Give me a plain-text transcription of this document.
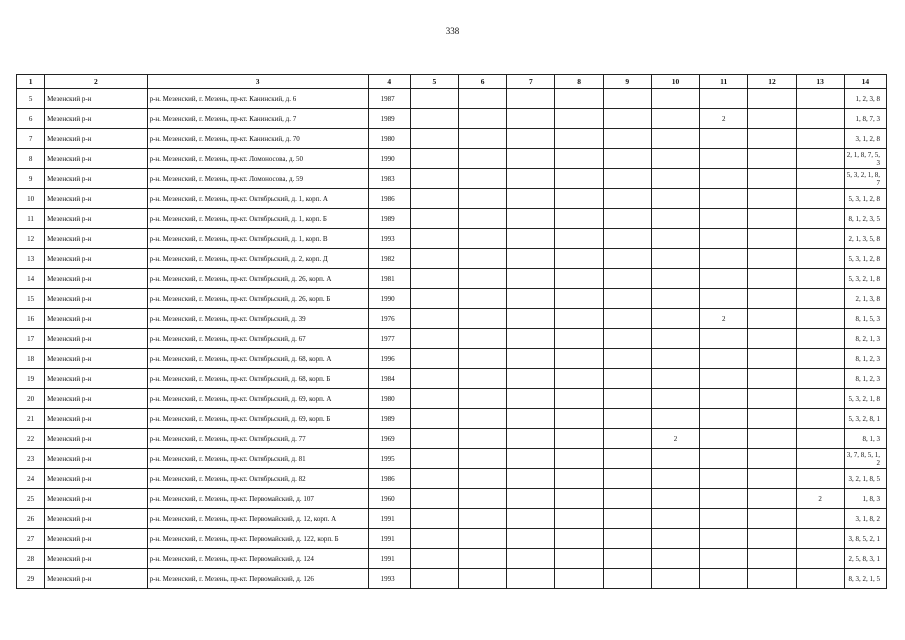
338
1	2	3	4	5	6	7	8	9	10	11	12	13	14
5	Мезенский р-н	р-н. Мезенский, г. Мезень, пр-кт. Канинский, д. 6	1987										1, 2, 3, 8
6	Мезенский р-н	р-н. Мезенский, г. Мезень, пр-кт. Канинский, д. 7	1989							2			1, 8, 7, 3
7	Мезенский р-н	р-н. Мезенский, г. Мезень, пр-кт. Канинский, д. 70	1980										3, 1, 2, 8
8	Мезенский р-н	р-н. Мезенский, г. Мезень, пр-кт. Ломоносова, д. 50	1990										2, 1, 8, 7, 5, 3
9	Мезенский р-н	р-н. Мезенский, г. Мезень, пр-кт. Ломоносова, д. 59	1983										5, 3, 2, 1, 8, 7
10	Мезенский р-н	р-н. Мезенский, г. Мезень, пр-кт. Октябрьский, д. 1, корп. А	1986										5, 3, 1, 2, 8
11	Мезенский р-н	р-н. Мезенский, г. Мезень, пр-кт. Октябрьский, д. 1, корп. Б	1989										8, 1, 2, 3, 5
12	Мезенский р-н	р-н. Мезенский, г. Мезень, пр-кт. Октябрьский, д. 1, корп. В	1993										2, 1, 3, 5, 8
13	Мезенский р-н	р-н. Мезенский, г. Мезень, пр-кт. Октябрьский, д. 2, корп. Д	1982										5, 3, 1, 2, 8
14	Мезенский р-н	р-н. Мезенский, г. Мезень, пр-кт. Октябрьский, д. 26, корп. А	1981										5, 3, 2, 1, 8
15	Мезенский р-н	р-н. Мезенский, г. Мезень, пр-кт. Октябрьский, д. 26, корп. Б	1990										2, 1, 3, 8
16	Мезенский р-н	р-н. Мезенский, г. Мезень, пр-кт. Октябрьский, д. 39	1976							2			8, 1, 5, 3
17	Мезенский р-н	р-н. Мезенский, г. Мезень, пр-кт. Октябрьский, д. 67	1977										8, 2, 1, 3
18	Мезенский р-н	р-н. Мезенский, г. Мезень, пр-кт. Октябрьский, д. 68, корп. А	1996										8, 1, 2, 3
19	Мезенский р-н	р-н. Мезенский, г. Мезень, пр-кт. Октябрьский, д. 68, корп. Б	1984										8, 1, 2, 3
20	Мезенский р-н	р-н. Мезенский, г. Мезень, пр-кт. Октябрьский, д. 69, корп. А	1980										5, 3, 2, 1, 8
21	Мезенский р-н	р-н. Мезенский, г. Мезень, пр-кт. Октябрьский, д. 69, корп. Б	1989										5, 3, 2, 8, 1
22	Мезенский р-н	р-н. Мезенский, г. Мезень, пр-кт. Октябрьский, д. 77	1969						2				8, 1, 3
23	Мезенский р-н	р-н. Мезенский, г. Мезень, пр-кт. Октябрьский, д. 81	1995										3, 7, 8, 5, 1, 2
24	Мезенский р-н	р-н. Мезенский, г. Мезень, пр-кт. Октябрьский, д. 82	1986										3, 2, 1, 8, 5
25	Мезенский р-н	р-н. Мезенский, г. Мезень, пр-кт. Первомайский, д. 107	1960									2	1, 8, 3
26	Мезенский р-н	р-н. Мезенский, г. Мезень, пр-кт. Первомайский, д. 12, корп. А	1991										3, 1, 8, 2
27	Мезенский р-н	р-н. Мезенский, г. Мезень, пр-кт. Первомайский, д. 122, корп. Б	1991										3, 8, 5, 2, 1
28	Мезенский р-н	р-н. Мезенский, г. Мезень, пр-кт. Первомайский, д. 124	1991										2, 5, 8, 3, 1
29	Мезенский р-н	р-н. Мезенский, г. Мезень, пр-кт. Первомайский, д. 126	1993										8, 3, 2, 1, 5
